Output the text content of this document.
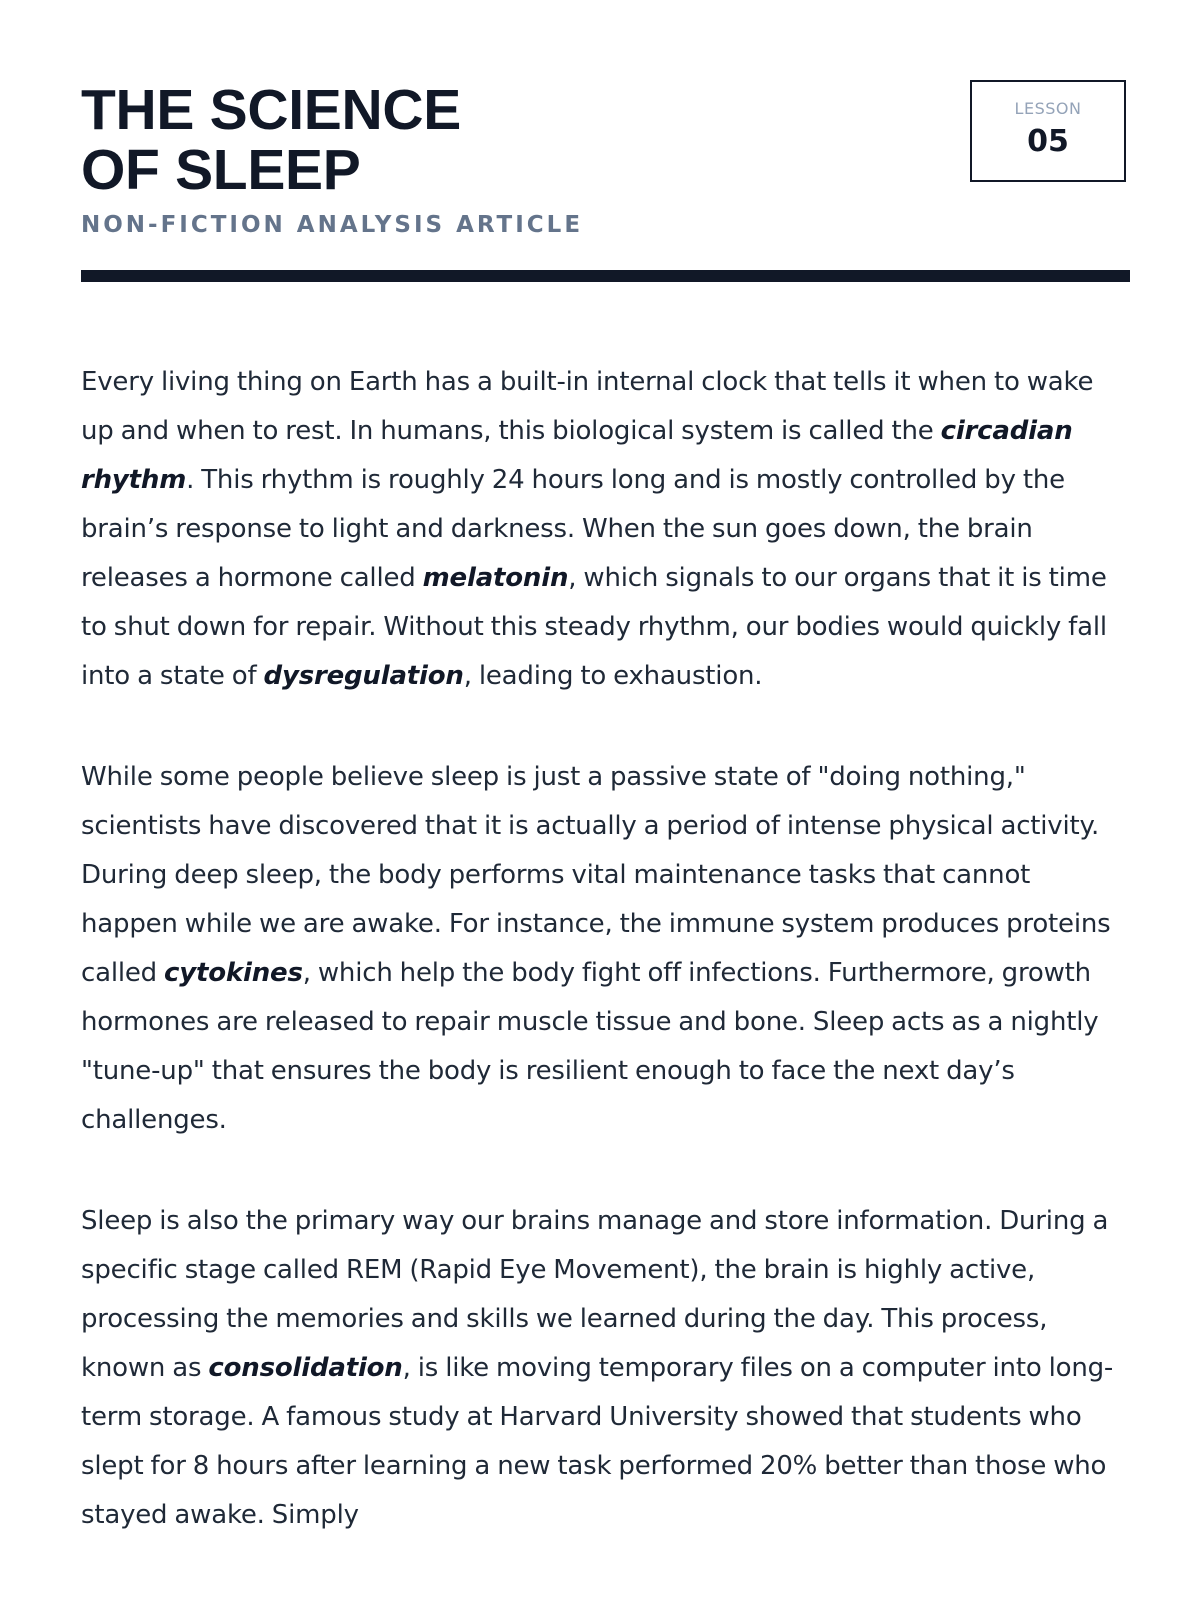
THE SCIENCE
OF SLEEP
NON-FICTION ANALYSIS ARTICLE
LESSON
05

Every living thing on Earth has a built-in internal clock that tells it when to wake up and when to rest. In humans, this biological system is called the circadian rhythm. This rhythm is roughly 24 hours long and is mostly controlled by the brain’s response to light and darkness. When the sun goes down, the brain releases a hormone called melatonin, which signals to our organs that it is time to shut down for repair. Without this steady rhythm, our bodies would quickly fall into a state of dysregulation, leading to exhaustion.

While some people believe sleep is just a passive state of "doing nothing," scientists have discovered that it is actually a period of intense physical activity. During deep sleep, the body performs vital maintenance tasks that cannot happen while we are awake. For instance, the immune system produces proteins called cytokines, which help the body fight off infections. Furthermore, growth hormones are released to repair muscle tissue and bone. Sleep acts as a nightly "tune-up" that ensures the body is resilient enough to face the next day’s challenges.

Sleep is also the primary way our brains manage and store information. During a specific stage called REM (Rapid Eye Movement), the brain is highly active, processing the memories and skills we learned during the day. This process, known as consolidation, is like moving temporary files on a computer into long-term storage. A famous study at Harvard University showed that students who slept for 8 hours after learning a new task performed 20% better than those who stayed awake. Simply
